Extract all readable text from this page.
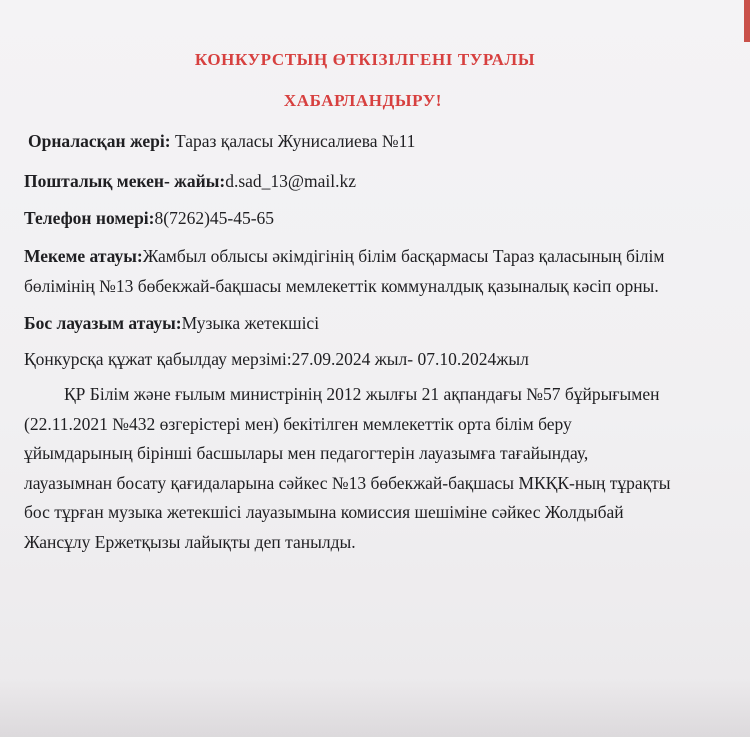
КОНКУРСТЫҢ ӨТКІЗІЛГЕНІ ТУРАЛЫ
ХАБАРЛАНДЫРУ!
Орналасқан жері: Тараз қаласы Жунисалиева №11
Пошталық мекен- жайы:d.sad_13@mail.kz
Телефон номері:8(7262)45-45-65
Мекеме атауы:Жамбыл облысы әкімдігінің білім басқармасы Тараз қаласының білім
бөлімінің №13 бөбекжай-бақшасы мемлекеттік коммуналдық қазыналық кәсіп орны.
Бос лауазым атауы:Музыка жетекшісі
Қонкурсқа құжат қабылдау мерзімі:27.09.2024 жыл- 07.10.2024жыл
ҚР Білім және ғылым министрінің 2012 жылғы 21 ақпандағы №57 бұйрығымен
(22.11.2021 №432 өзгерістері мен) бекітілген мемлекеттік орта білім беру
ұйымдарының бірінші басшылары мен педагогтерін лауазымға тағайындау,
лауазымнан босату қағидаларына сәйкес №13 бөбекжай-бақшасы МКҚК-ның тұрақты
бос тұрған музыка жетекшісі лауазымына комиссия шешіміне сәйкес Жолдыбай
Жансұлу Ержетқызы лайықты деп танылды.
